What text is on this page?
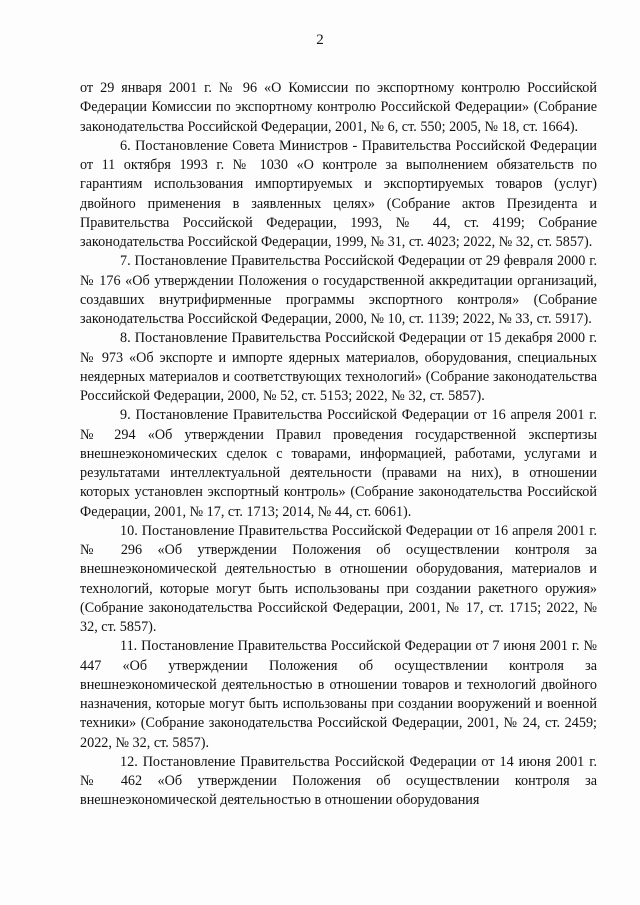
2

от 29 января 2001 г. № 96 «О Комиссии по экспортному контролю Российской Федерации Комиссии по экспортному контролю Российской Федерации» (Собрание законодательства Российской Федерации, 2001, № 6, ст. 550; 2005, № 18, ст. 1664).

6. Постановление Совета Министров - Правительства Российской Федерации от 11 октября 1993 г. № 1030 «О контроле за выполнением обязательств по гарантиям использования импортируемых и экспортируемых товаров (услуг) двойного применения в заявленных целях» (Собрание актов Президента и Правительства Российской Федерации, 1993, № 44, ст. 4199; Собрание законодательства Российской Федерации, 1999, № 31, ст. 4023; 2022, № 32, ст. 5857).

7. Постановление Правительства Российской Федерации от 29 февраля 2000 г. № 176 «Об утверждении Положения о государственной аккредитации организаций, создавших внутрифирменные программы экспортного контроля» (Собрание законодательства Российской Федерации, 2000, № 10, ст. 1139; 2022, № 33, ст. 5917).

8. Постановление Правительства Российской Федерации от 15 декабря 2000 г. № 973 «Об экспорте и импорте ядерных материалов, оборудования, специальных неядерных материалов и соответствующих технологий» (Собрание законодательства Российской Федерации, 2000, № 52, ст. 5153; 2022, № 32, ст. 5857).

9. Постановление Правительства Российской Федерации от 16 апреля 2001 г. № 294 «Об утверждении Правил проведения государственной экспертизы внешнеэкономических сделок с товарами, информацией, работами, услугами и результатами интеллектуальной деятельности (правами на них), в отношении которых установлен экспортный контроль» (Собрание законодательства Российской Федерации, 2001, № 17, ст. 1713; 2014, № 44, ст. 6061).

10. Постановление Правительства Российской Федерации от 16 апреля 2001 г. № 296 «Об утверждении Положения об осуществлении контроля за внешнеэкономической деятельностью в отношении оборудования, материалов и технологий, которые могут быть использованы при создании ракетного оружия» (Собрание законодательства Российской Федерации, 2001, № 17, ст. 1715; 2022, № 32, ст. 5857).

11. Постановление Правительства Российской Федерации от 7 июня 2001 г. № 447 «Об утверждении Положения об осуществлении контроля за внешнеэкономической деятельностью в отношении товаров и технологий двойного назначения, которые могут быть использованы при создании вооружений и военной техники» (Собрание законодательства Российской Федерации, 2001, № 24, ст. 2459; 2022, № 32, ст. 5857).

12. Постановление Правительства Российской Федерации от 14 июня 2001 г. № 462 «Об утверждении Положения об осуществлении контроля за внешнеэкономической деятельностью в отношении оборудования
